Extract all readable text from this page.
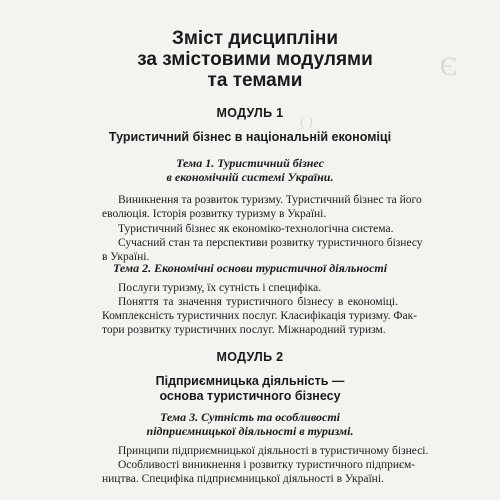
Є
( )
Зміст дисципліни
за змістовими модулями
та темами
МОДУЛЬ 1
Туристичний бізнес в національній економіці
Тема 1. Туристичний бізнес
в економічній системі України.
Виникнення та розвиток туризму. Туристичний бізнес та його
еволюція. Історія розвитку туризму в Україні.
Туристичний бізнес як економіко-технологічна система.
Сучасний стан та перспективи розвитку туристичного бізнесу
в Україні.
Тема 2. Економічні основи туристичної діяльності
Послуги туризму, їх сутність і специфіка.
Поняття та значення туристичного бізнесу в економіці.
Комплексність туристичних послуг. Класифікація туризму. Фак-
тори розвитку туристичних послуг. Міжнародний туризм.
МОДУЛЬ 2
Підприємницька діяльність —
основа туристичного бізнесу
Тема 3. Сутність та особливості
підприємницької діяльності в туризмі.
Принципи підприємницької діяльності в туристичному бізнесі.
Особливості виникнення і розвитку туристичного підприєм-
ництва. Специфіка підприємницької діяльності в Україні.
